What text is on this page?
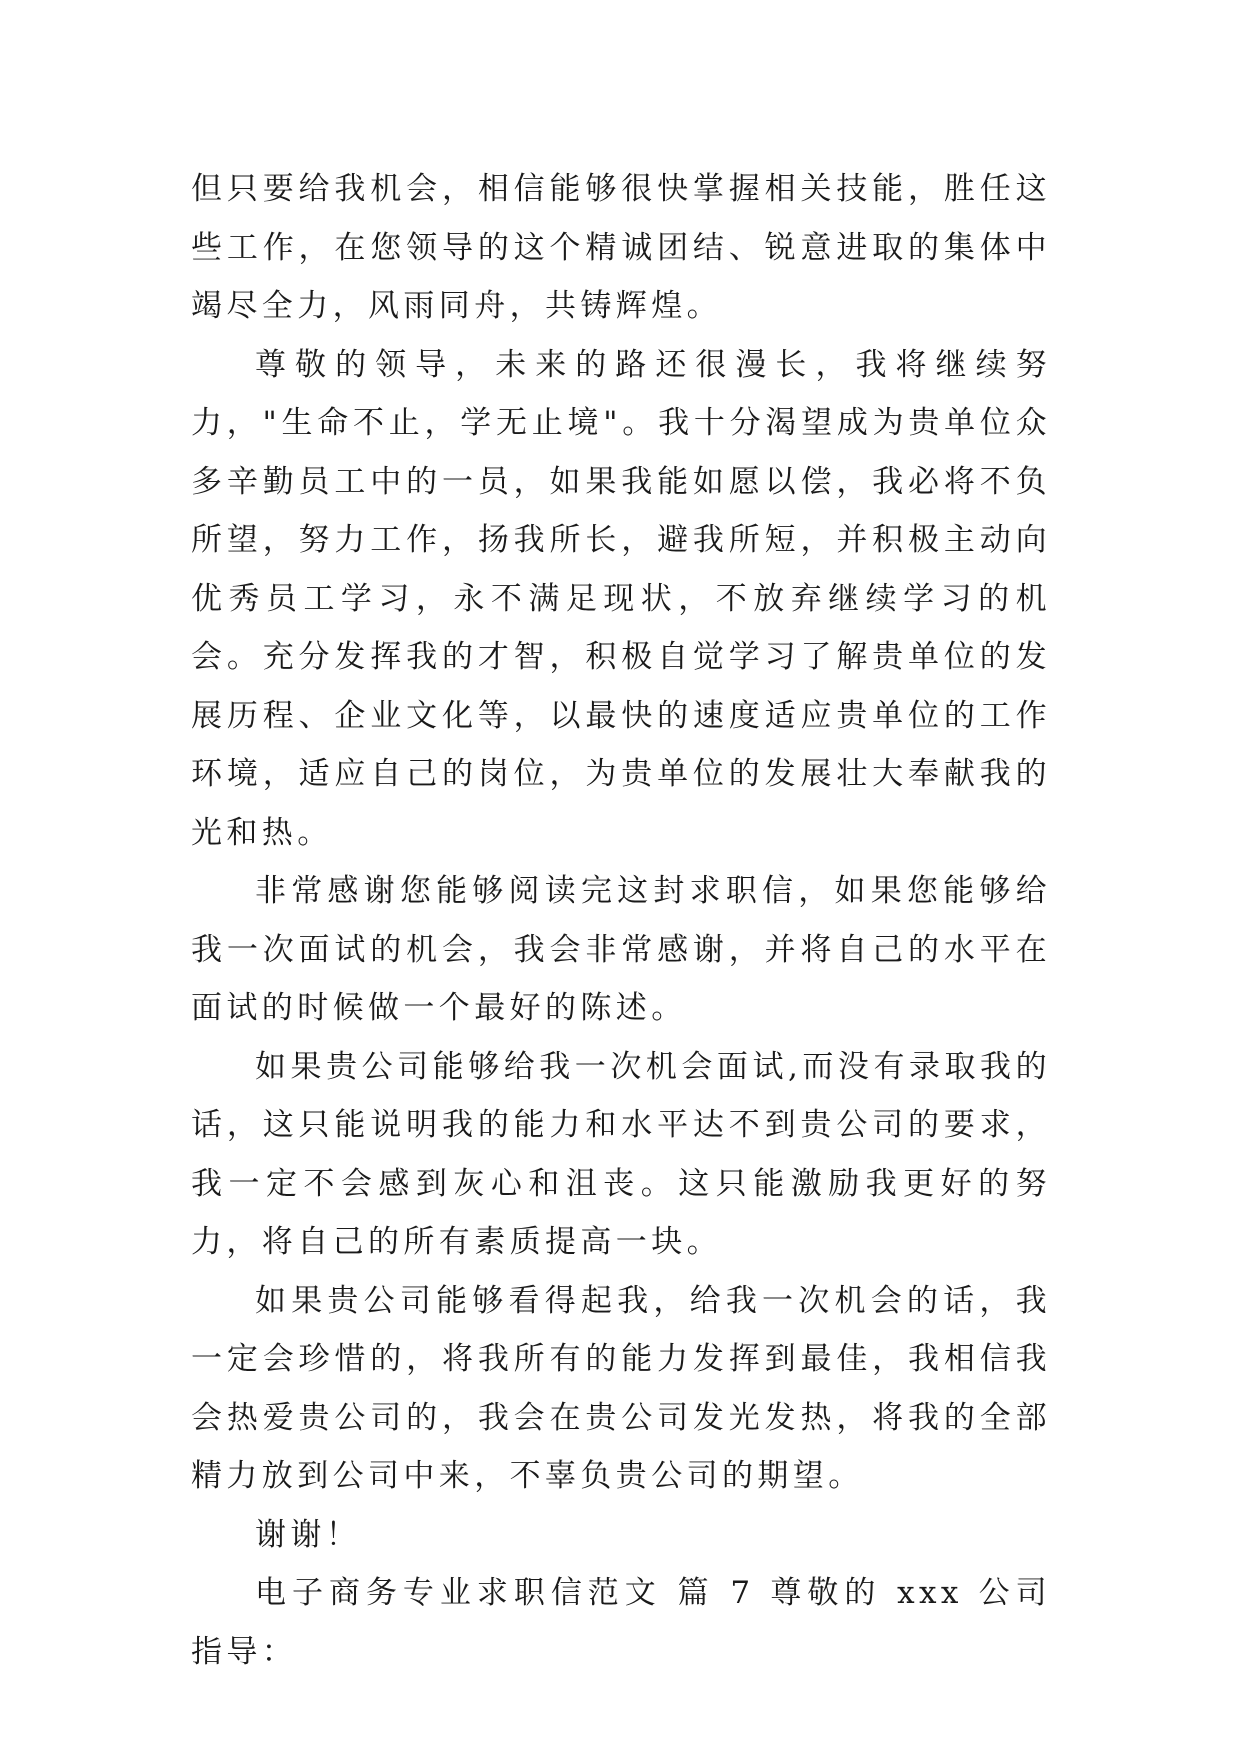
但只要给我机会，相信能够很快掌握相关技能，胜任这些工作，在您领导的这个精诚团结、锐意进取的集体中竭尽全力，风雨同舟，共铸辉煌。

尊敬的领导，未来的路还很漫长，我将继续努力，"生命不止，学无止境"。我十分渴望成为贵单位众多辛勤员工中的一员，如果我能如愿以偿，我必将不负所望，努力工作，扬我所长，避我所短，并积极主动向优秀员工学习，永不满足现状，不放弃继续学习的机会。充分发挥我的才智，积极自觉学习了解贵单位的发展历程、企业文化等，以最快的速度适应贵单位的工作环境，适应自己的岗位，为贵单位的发展壮大奉献我的光和热。

非常感谢您能够阅读完这封求职信，如果您能够给我一次面试的机会，我会非常感谢，并将自己的水平在面试的时候做一个最好的陈述。

如果贵公司能够给我一次机会面试,而没有录取我的话，这只能说明我的能力和水平达不到贵公司的要求，我一定不会感到灰心和沮丧。这只能激励我更好的努力，将自己的所有素质提高一块。

如果贵公司能够看得起我，给我一次机会的话，我一定会珍惜的，将我所有的能力发挥到最佳，我相信我会热爱贵公司的，我会在贵公司发光发热，将我的全部精力放到公司中来，不辜负贵公司的期望。

谢谢！

电子商务专业求职信范文 篇 7 尊敬的 xxx 公司指导：
